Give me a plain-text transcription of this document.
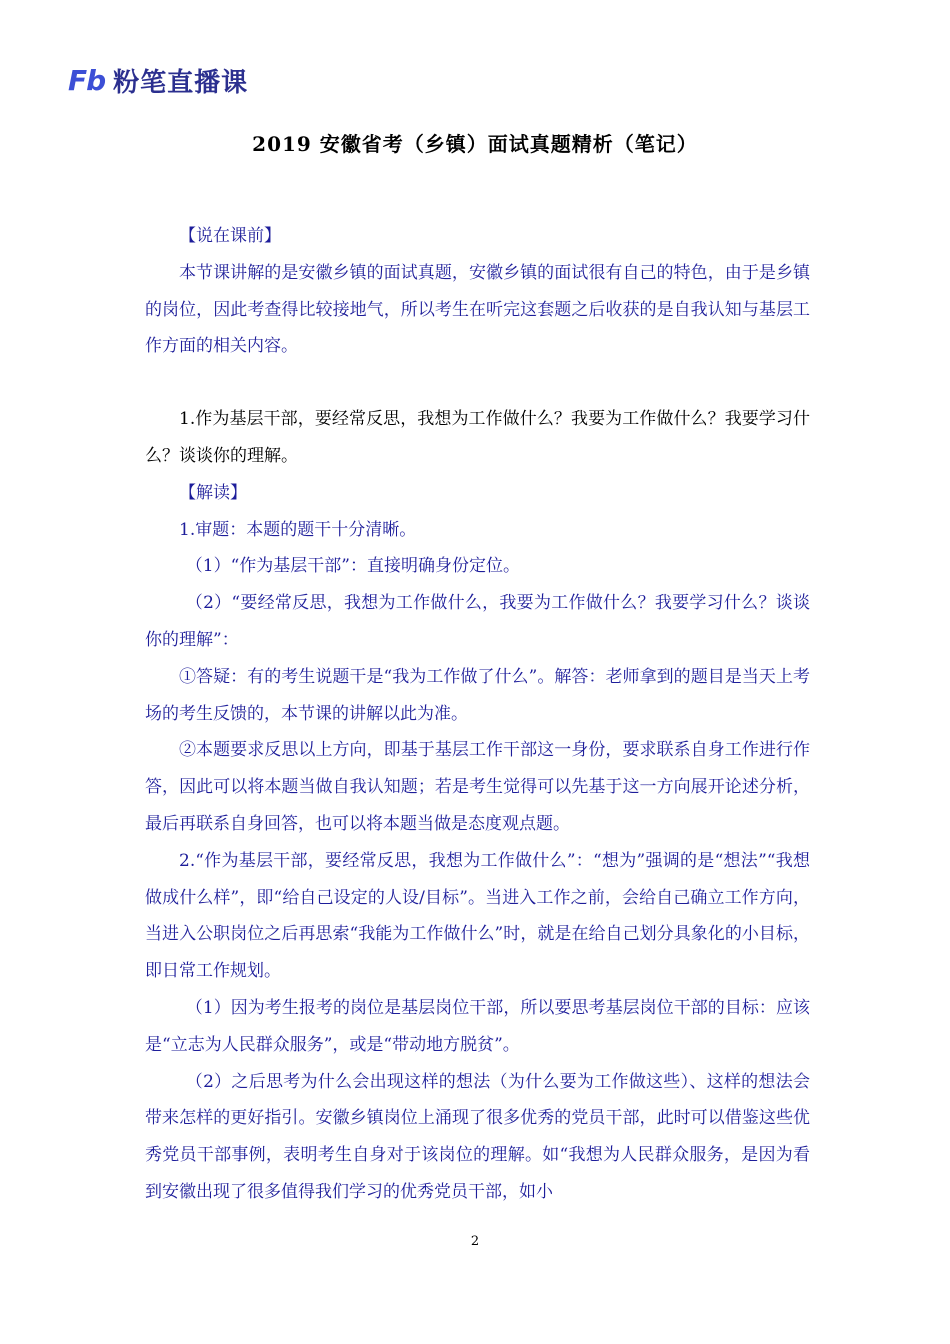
Fb 粉笔直播课
2019 安徽省考（乡镇）面试真题精析（笔记）

【说在课前】

本节课讲解的是安徽乡镇的面试真题，安徽乡镇的面试很有自己的特色，由于是乡镇的岗位，因此考查得比较接地气，所以考生在听完这套题之后收获的是自我认知与基层工作方面的相关内容。

1.作为基层干部，要经常反思，我想为工作做什么？我要为工作做什么？我要学习什么？谈谈你的理解。

【解读】

1.审题：本题的题干十分清晰。

（1）“作为基层干部”：直接明确身份定位。

（2）“要经常反思，我想为工作做什么，我要为工作做什么？我要学习什么？谈谈你的理解”：

①答疑：有的考生说题干是“我为工作做了什么”。解答：老师拿到的题目是当天上考场的考生反馈的，本节课的讲解以此为准。

②本题要求反思以上方向，即基于基层工作干部这一身份，要求联系自身工作进行作答，因此可以将本题当做自我认知题；若是考生觉得可以先基于这一方向展开论述分析，最后再联系自身回答，也可以将本题当做是态度观点题。

2.“作为基层干部，要经常反思，我想为工作做什么”：“想为”强调的是“想法”“我想做成什么样”，即“给自己设定的人设/目标”。当进入工作之前，会给自己确立工作方向，当进入公职岗位之后再思索“我能为工作做什么”时，就是在给自己划分具象化的小目标，即日常工作规划。

（1）因为考生报考的岗位是基层岗位干部，所以要思考基层岗位干部的目标：应该是“立志为人民群众服务”，或是“带动地方脱贫”。

（2）之后思考为什么会出现这样的想法（为什么要为工作做这些）、这样的想法会带来怎样的更好指引。安徽乡镇岗位上涌现了很多优秀的党员干部，此时可以借鉴这些优秀党员干部事例，表明考生自身对于该岗位的理解。如“我想为人民群众服务，是因为看到安徽出现了很多值得我们学习的优秀党员干部，如小

2
